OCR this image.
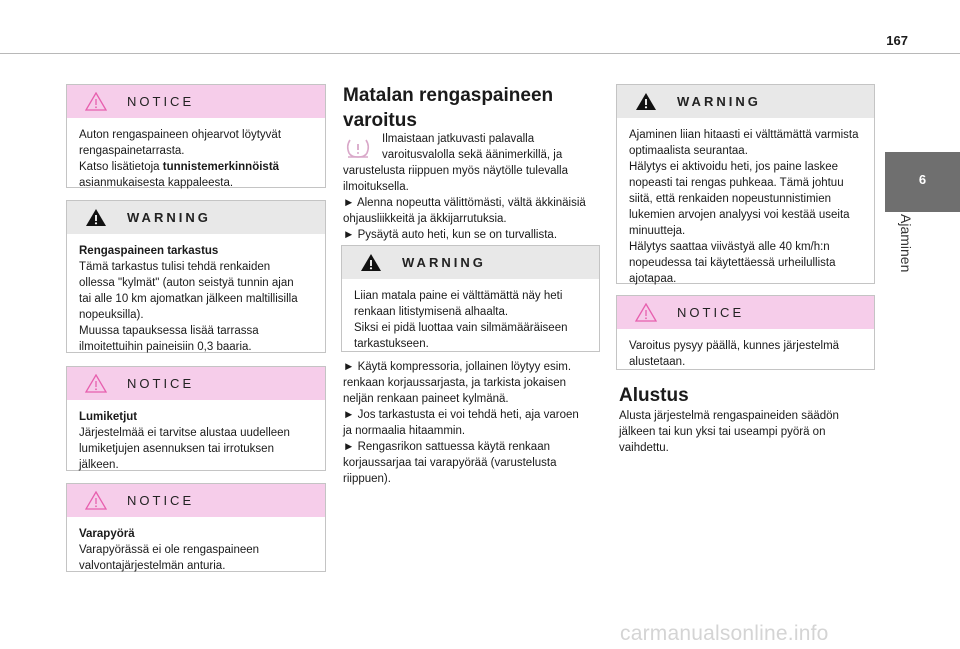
167
6
Ajaminen
NOTICE
Auton rengaspaineen ohjearvot löytyvät
rengaspainetarrasta.
Katso lisätietoja tunnistemerkinnöistä
asianmukaisesta kappaleesta.
WARNING
Rengaspaineen tarkastus
Tämä tarkastus tulisi tehdä renkaiden
ollessa "kylmät" (auton seistyä tunnin ajan
tai alle 10 km ajomatkan jälkeen maltillisilla
nopeuksilla).
Muussa tapauksessa lisää tarrassa
ilmoitettuihin paineisiin 0,3 baaria.
NOTICE
Lumiketjut
Järjestelmää ei tarvitse alustaa uudelleen
lumiketjujen asennuksen tai irrotuksen
jälkeen.
NOTICE
Varapyörä
Varapyörässä ei ole rengaspaineen
valvontajärjestelmän anturia.
Matalan rengaspaineen
varoitus
Ilmaistaan jatkuvasti palavalla
varoitusvalolla sekä äänimerkillä, ja
varustelusta riippuen myös näytölle tulevalla
ilmoituksella.
► Alenna nopeutta välittömästi, vältä äkkinäisiä
ohjausliikkeitä ja äkkijarrutuksia.
► Pysäytä auto heti, kun se on turvallista.
WARNING
Liian matala paine ei välttämättä näy heti
renkaan litistymisenä alhaalta.
Siksi ei pidä luottaa vain silmämääräiseen
tarkastukseen.
► Käytä kompressoria, jollainen löytyy esim.
renkaan korjaussarjasta, ja tarkista jokaisen
neljän renkaan paineet kylmänä.
► Jos tarkastusta ei voi tehdä heti, aja varoen
ja normaalia hitaammin.
► Rengasrikon sattuessa käytä renkaan
korjaussarjaa tai varapyörää (varustelusta
riippuen).
WARNING
Ajaminen liian hitaasti ei välttämättä varmista
optimaalista seurantaa.
Hälytys ei aktivoidu heti, jos paine laskee
nopeasti tai rengas puhkeaa. Tämä johtuu
siitä, että renkaiden nopeustunnistimien
lukemien arvojen analyysi voi kestää useita
minuutteja.
Hälytys saattaa viivästyä alle 40 km/h:n
nopeudessa tai käytettäessä urheilullista
ajotapaa.
NOTICE
Varoitus pysyy päällä, kunnes järjestelmä
alustetaan.
Alustus
Alusta järjestelmä rengaspaineiden säädön
jälkeen tai kun yksi tai useampi pyörä on
vaihdettu.
carmanualsonline.info
